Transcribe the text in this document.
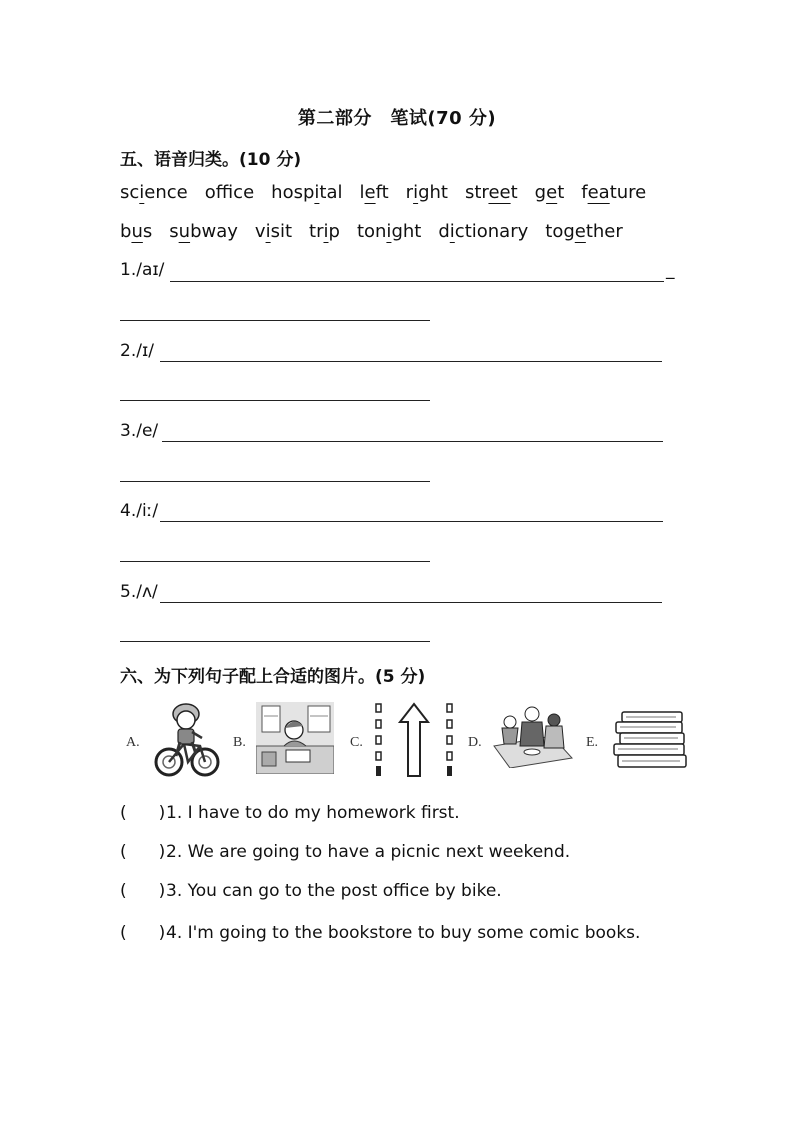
第二部分　笔试(70 分)
五、语音归类。(10 分)
science offce hospital left right street get feature
bus subway visit trip tonight dictionary together
1./aɪ/	_
2./ɪ/
3./e/
4./iː/
5./ʌ/
六、为下列句子配上合适的图片。(5 分)
A.	B.	C.	D.	E.
( )1. I have to do my homework first.
( )2. We are going to have a picnic next weekend.
( )3. You can go to the post office by bike.
( )4. I'm going to the bookstore to buy some comic books.
